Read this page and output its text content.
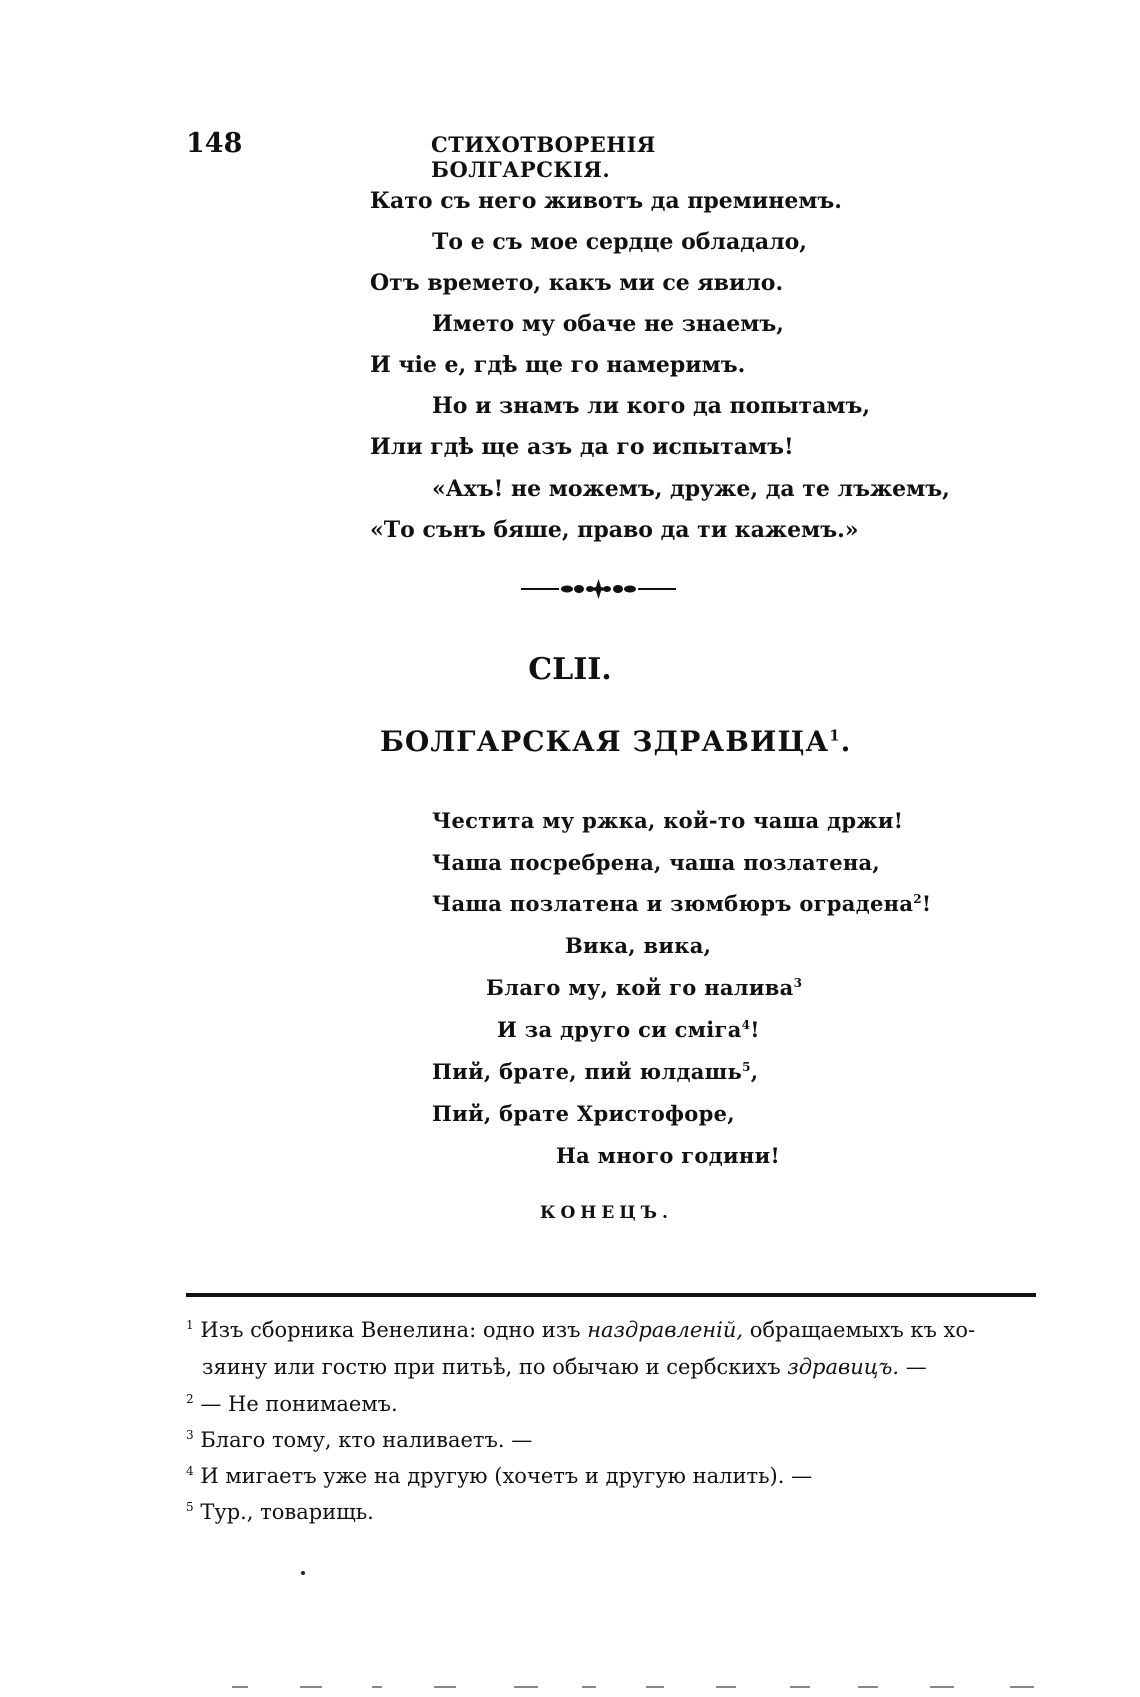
148	СТИХОТВОРЕНІЯ БОЛГАРСКІЯ.
Като съ него животъ да преминемъ.
То е съ мое сердце обладало,
Отъ времето, какъ ми се явило.
Името му обаче не знаемъ,
И чіе е, гдѣ ще го намеримъ.
Но и знамъ ли кого да попытамъ,
Или гдѣ ще азъ да го испытамъ!
«Ахъ! не можемъ, друже, да те лъжемъ,
«То сънъ бяше, право да ти кажемъ.»
CLII.
БОЛГАРСКАЯ ЗДРАВИЦА$^1$.
Честита му ржка, кой-то чаша држи!
Чаша посребрена, чаша позлатена,
Чаша позлатена и зюмбюръ оградена$^2$!
Вика, вика,
Благо му, кой го налива$^3$
И за друго си сміга$^4$!
Пий, брате, пий юлдашь$^5$,
Пий, брате Христофоре,
На много години!
КОНЕЦЪ.
$^1$ Изъ сборника Венелина: одно изъ наздравленій, обращаемыхъ къ хо-
зяину или гостю при питьѣ, по обычаю и сербскихъ здравицъ. —
$^2$ — Не понимаемъ.
$^3$ Благо тому, кто наливаетъ. —
$^4$ И мигаетъ уже на другую (хочетъ и другую налить). —
$^5$ Тур., товарищь.
